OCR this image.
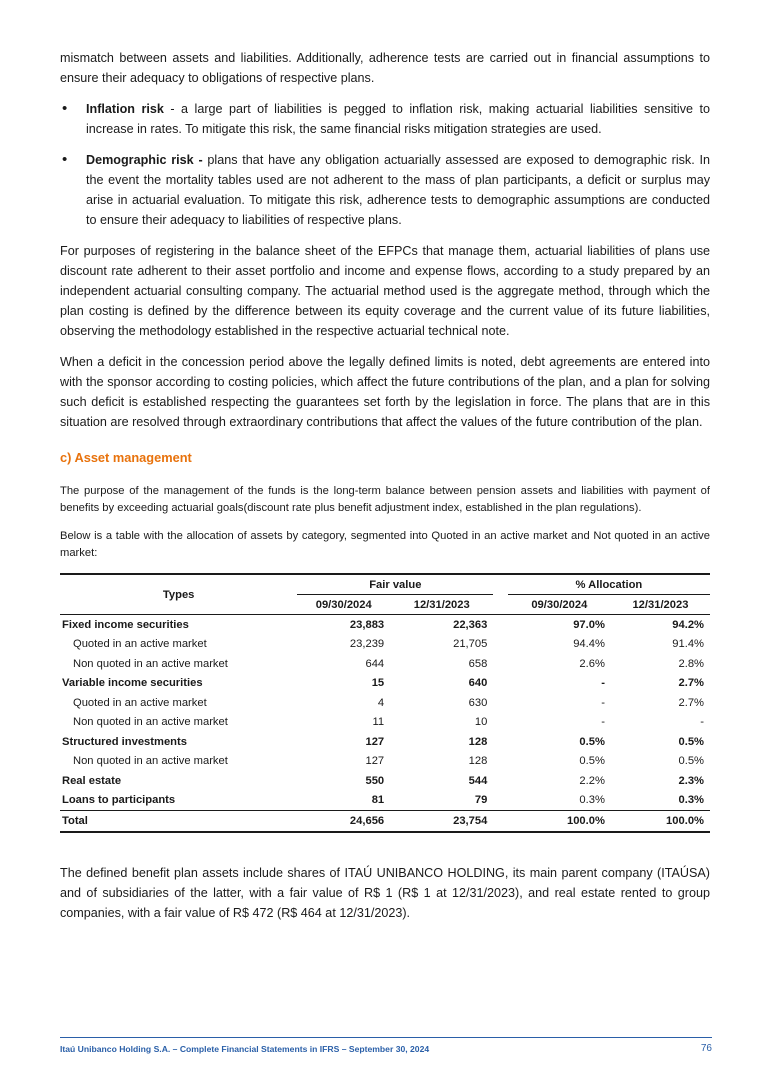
mismatch between assets and liabilities. Additionally, adherence tests are carried out in financial assumptions to ensure their adequacy to obligations of respective plans.

• Inflation risk - a large part of liabilities is pegged to inflation risk, making actuarial liabilities sensitive to increase in rates. To mitigate this risk, the same financial risks mitigation strategies are used.

• Demographic risk - plans that have any obligation actuarially assessed are exposed to demographic risk. In the event the mortality tables used are not adherent to the mass of plan participants, a deficit or surplus may arise in actuarial evaluation. To mitigate this risk, adherence tests to demographic assumptions are conducted to ensure their adequacy to liabilities of respective plans.

For purposes of registering in the balance sheet of the EFPCs that manage them, actuarial liabilities of plans use discount rate adherent to their asset portfolio and income and expense flows, according to a study prepared by an independent actuarial consulting company. The actuarial method used is the aggregate method, through which the plan costing is defined by the difference between its equity coverage and the current value of its future liabilities, observing the methodology established in the respective actuarial technical note.

When a deficit in the concession period above the legally defined limits is noted, debt agreements are entered into with the sponsor according to costing policies, which affect the future contributions of the plan, and a plan for solving such deficit is established respecting the guarantees set forth by the legislation in force. The plans that are in this situation are resolved through extraordinary contributions that affect the values of the future contribution of the plan.

c) Asset management

The purpose of the management of the funds is the long-term balance between pension assets and liabilities with payment of benefits by exceeding actuarial goals(discount rate plus benefit adjustment index, established in the plan regulations).

Below is a table with the allocation of assets by category, segmented into Quoted in an active market and Not quoted in an active market:

Types	Fair value			% Allocation	
	09/30/2024	12/31/2023		09/30/2024	12/31/2023
Fixed income securities	23,883	22,363		97.0%	94.2%
Quoted in an active market	23,239	21,705		94.4%	91.4%
Non quoted in an active market	644	658		2.6%	2.8%
Variable income securities	15	640		-	2.7%
Quoted in an active market	4	630		-	2.7%
Non quoted in an active market	11	10		-	-
Structured investments	127	128		0.5%	0.5%
Non quoted in an active market	127	128		0.5%	0.5%
Real estate	550	544		2.2%	2.3%
Loans to participants	81	79		0.3%	0.3%
Total	24,656	23,754		100.0%	100.0%

The defined benefit plan assets include shares of ITAÚ UNIBANCO HOLDING, its main parent company (ITAÚSA) and of subsidiaries of the latter, with a fair value of R$ 1 (R$ 1 at 12/31/2023), and real estate rented to group companies, with a fair value of R$ 472 (R$ 464 at 12/31/2023).

Itaú Unibanco Holding S.A. – Complete Financial Statements in IFRS – September 30, 2024	76
